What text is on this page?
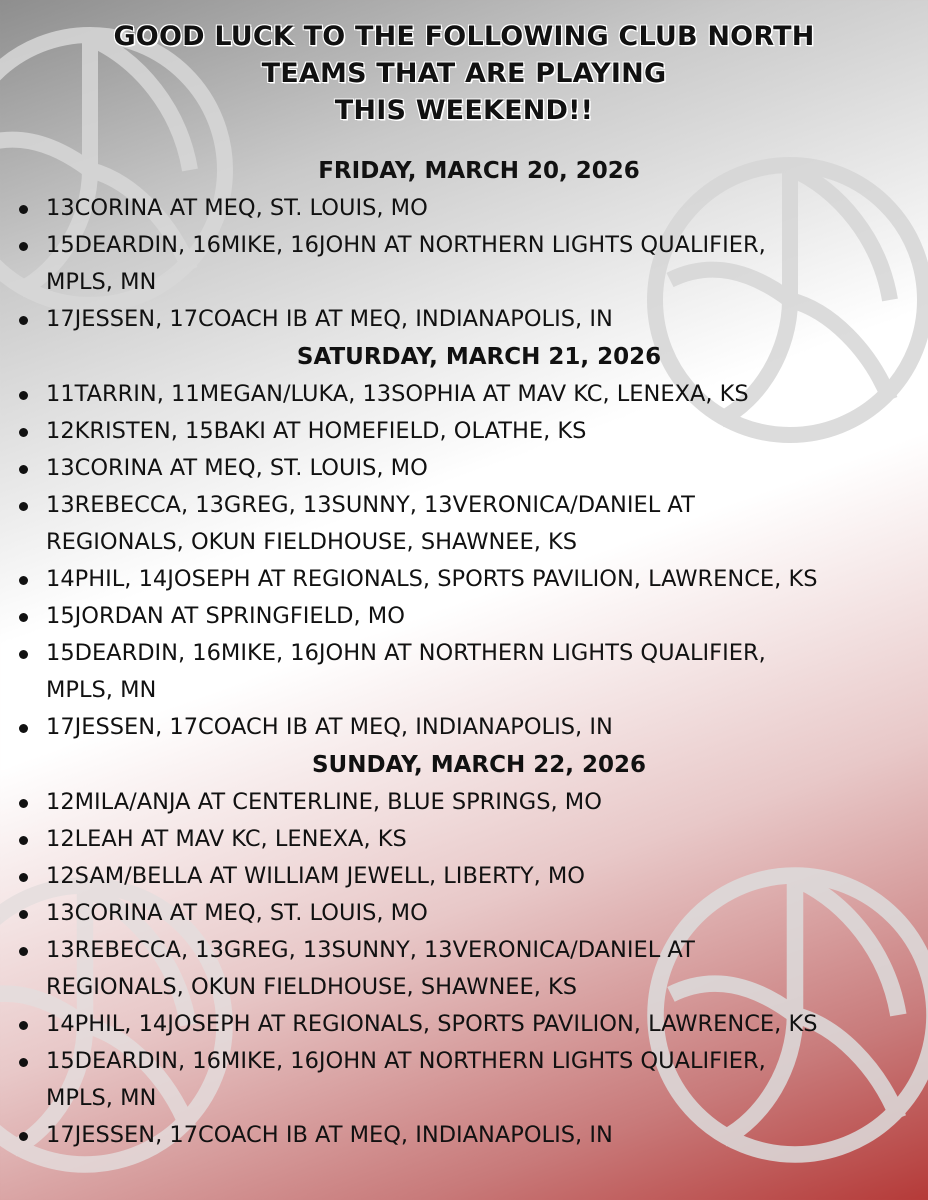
GOOD LUCK TO THE FOLLOWING CLUB NORTH
TEAMS THAT ARE PLAYING
THIS WEEKEND!!
FRIDAY, MARCH 20, 2026
13CORINA AT MEQ, ST. LOUIS, MO
15DEARDIN, 16MIKE, 16JOHN AT NORTHERN LIGHTS QUALIFIER,
MPLS, MN
17JESSEN, 17COACH IB AT MEQ, INDIANAPOLIS, IN
SATURDAY, MARCH 21, 2026
11TARRIN, 11MEGAN/LUKA, 13SOPHIA AT MAV KC, LENEXA, KS
12KRISTEN, 15BAKI AT HOMEFIELD, OLATHE, KS
13CORINA AT MEQ, ST. LOUIS, MO
13REBECCA, 13GREG, 13SUNNY, 13VERONICA/DANIEL AT
REGIONALS, OKUN FIELDHOUSE, SHAWNEE, KS
14PHIL, 14JOSEPH AT REGIONALS, SPORTS PAVILION, LAWRENCE, KS
15JORDAN AT SPRINGFIELD, MO
15DEARDIN, 16MIKE, 16JOHN AT NORTHERN LIGHTS QUALIFIER,
MPLS, MN
17JESSEN, 17COACH IB AT MEQ, INDIANAPOLIS, IN
SUNDAY, MARCH 22, 2026
12MILA/ANJA AT CENTERLINE, BLUE SPRINGS, MO
12LEAH AT MAV KC, LENEXA, KS
12SAM/BELLA AT WILLIAM JEWELL, LIBERTY, MO
13CORINA AT MEQ, ST. LOUIS, MO
13REBECCA, 13GREG, 13SUNNY, 13VERONICA/DANIEL AT
REGIONALS, OKUN FIELDHOUSE, SHAWNEE, KS
14PHIL, 14JOSEPH AT REGIONALS, SPORTS PAVILION, LAWRENCE, KS
15DEARDIN, 16MIKE, 16JOHN AT NORTHERN LIGHTS QUALIFIER,
MPLS, MN
17JESSEN, 17COACH IB AT MEQ, INDIANAPOLIS, IN
